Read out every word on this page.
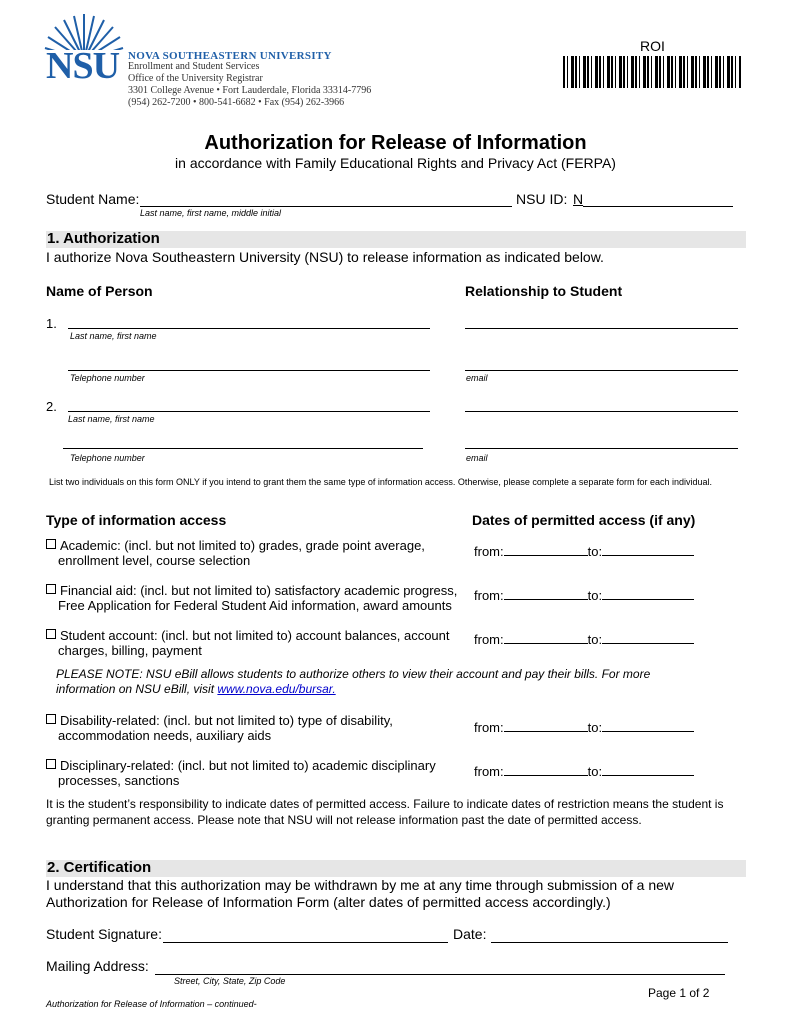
NSU NOVA SOUTHEASTERN UNIVERSITY
Enrollment and Student Services
Office of the University Registrar
3301 College Avenue • Fort Lauderdale, Florida 33314-7796
(954) 262-7200 • 800-541-6682 • Fax (954) 262-3966
ROI
Authorization for Release of Information
in accordance with Family Educational Rights and Privacy Act (FERPA)
Student Name:
Last name, first name, middle initial
NSU ID: N
1. Authorization
I authorize Nova Southeastern University (NSU) to release information as indicated below.
Name of Person	Relationship to Student
1.
Last name, first name
Telephone number	email
2.
Last name, first name
Telephone number	email
List two individuals on this form ONLY if you intend to grant them the same type of information access. Otherwise, please complete a separate form for each individual.
Type of information access	Dates of permitted access (if any)
Academic: (incl. but not limited to) grades, grade point average,
enrollment level, course selection
from:	to:
Financial aid: (incl. but not limited to) satisfactory academic progress,
Free Application for Federal Student Aid information, award amounts
from:	to:
Student account: (incl. but not limited to) account balances, account
charges, billing, payment
from:	to:
PLEASE NOTE: NSU eBill allows students to authorize others to view their account and pay their bills. For more
information on NSU eBill, visit www.nova.edu/bursar.
Disability-related: (incl. but not limited to) type of disability,
accommodation needs, auxiliary aids
from:	to:
Disciplinary-related: (incl. but not limited to) academic disciplinary
processes, sanctions
from:	to:
It is the student’s responsibility to indicate dates of permitted access. Failure to indicate dates of restriction means the student is granting permanent access. Please note that NSU will not release information past the date of permitted access.
2. Certification
I understand that this authorization may be withdrawn by me at any time through submission of a new Authorization for Release of Information Form (alter dates of permitted access accordingly.)
Student Signature:	Date:
Mailing Address:
Street, City, State, Zip Code
Page 1 of 2
Authorization for Release of Information – continued-
